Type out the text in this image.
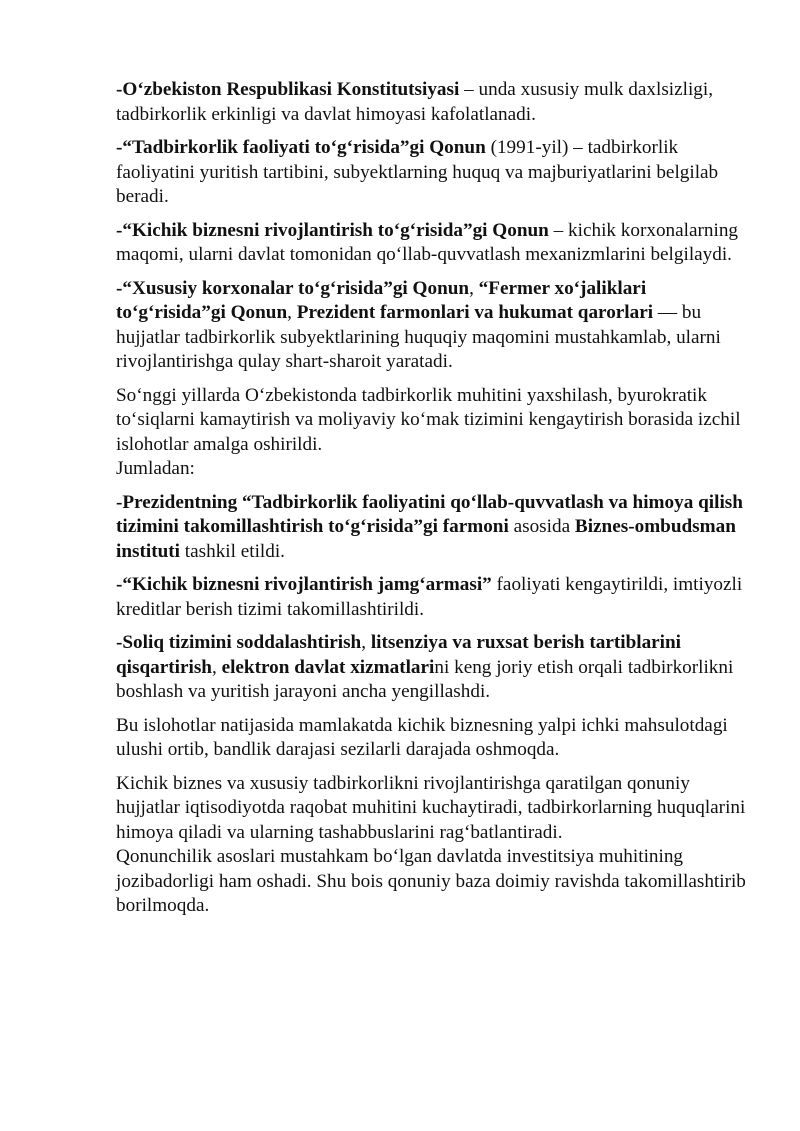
-O‘zbekiston Respublikasi Konstitutsiyasi – unda xususiy mulk daxlsizligi, tadbirkorlik erkinligi va davlat himoyasi kafolatlanadi.

-“Tadbirkorlik faoliyati to‘g‘risida”gi Qonun (1991-yil) – tadbirkorlik faoliyatini yuritish tartibini, subyektlarning huquq va majburiyatlarini belgilab beradi.

-“Kichik biznesni rivojlantirish to‘g‘risida”gi Qonun – kichik korxonalarning maqomi, ularni davlat tomonidan qo‘llab-quvvatlash mexanizmlarini belgilaydi.

-“Xususiy korxonalar to‘g‘risida”gi Qonun, “Fermer xo‘jaliklari to‘g‘risida”gi Qonun, Prezident farmonlari va hukumat qarorlari — bu hujjatlar tadbirkorlik subyektlarining huquqiy maqomini mustahkamlab, ularni rivojlantirishga qulay shart-sharoit yaratadi.

So‘nggi yillarda O‘zbekistonda tadbirkorlik muhitini yaxshilash, byurokratik to‘siqlarni kamaytirish va moliyaviy ko‘mak tizimini kengaytirish borasida izchil islohotlar amalga oshirildi.
Jumladan:

-Prezidentning “Tadbirkorlik faoliyatini qo‘llab-quvvatlash va himoya qilish tizimini takomillashtirish to‘g‘risida”gi farmoni asosida Biznes-ombudsman instituti tashkil etildi.

-“Kichik biznesni rivojlantirish jamg‘armasi” faoliyati kengaytirildi, imtiyozli kreditlar berish tizimi takomillashtirildi.

-Soliq tizimini soddalashtirish, litsenziya va ruxsat berish tartiblarini qisqartirish, elektron davlat xizmatlarini keng joriy etish orqali tadbirkorlikni boshlash va yuritish jarayoni ancha yengillashdi.

Bu islohotlar natijasida mamlakatda kichik biznesning yalpi ichki mahsulotdagi ulushi ortib, bandlik darajasi sezilarli darajada oshmoqda.

Kichik biznes va xususiy tadbirkorlikni rivojlantirishga qaratilgan qonuniy hujjatlar iqtisodiyotda raqobat muhitini kuchaytiradi, tadbirkorlarning huquqlarini himoya qiladi va ularning tashabbuslarini rag‘batlantiradi.
Qonunchilik asoslari mustahkam bo‘lgan davlatda investitsiya muhitining jozibadorligi ham oshadi. Shu bois qonuniy baza doimiy ravishda takomillashtirib borilmoqda.
